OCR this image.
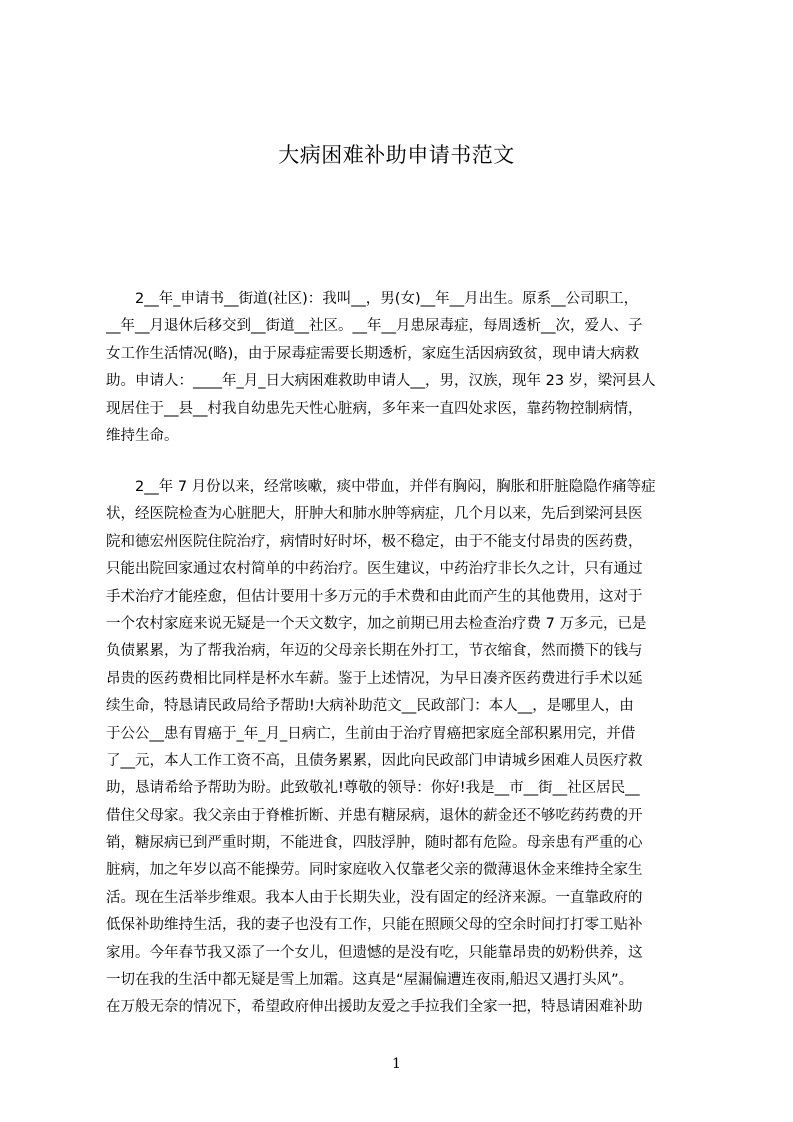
大病困难补助申请书范文
　　2__年_申请书__街道(社区)：我叫__，男(女)__年__月出生。原系__公司职工，
__年__月退休后移交到__街道__社区。__年__月患尿毒症，每周透析__次，爱人、子
女工作生活情况(略)，由于尿毒症需要长期透析，家庭生活因病致贫，现申请大病救
助。申请人：____年_月_日大病困难救助申请人__，男，汉族，现年 23 岁，梁河县人
现居住于__县__村我自幼患先天性心脏病，多年来一直四处求医，靠药物控制病情，
维持生命。
　　2__年 7 月份以来，经常咳嗽，痰中带血，并伴有胸闷，胸胀和肝脏隐隐作痛等症
状，经医院检查为心脏肥大，肝肿大和肺水肿等病症，几个月以来，先后到梁河县医
院和德宏州医院住院治疗，病情时好时坏，极不稳定，由于不能支付昂贵的医药费，
只能出院回家通过农村简单的中药治疗。医生建议，中药治疗非长久之计，只有通过
手术治疗才能痊愈，但估计要用十多万元的手术费和由此而产生的其他费用，这对于
一个农村家庭来说无疑是一个天文数字，加之前期已用去检查治疗费 7 万多元，已是
负债累累，为了帮我治病，年迈的父母亲长期在外打工，节衣缩食，然而攒下的钱与
昂贵的医药费相比同样是杯水车薪。鉴于上述情况，为早日凑齐医药费进行手术以延
续生命，特恳请民政局给予帮助!大病补助范文__民政部门：本人__，是哪里人，由
于公公__患有胃癌于_年_月_日病亡，生前由于治疗胃癌把家庭全部积累用完，并借
了__元，本人工作工资不高，且债务累累，因此向民政部门申请城乡困难人员医疗救
助，恳请希给予帮助为盼。此致敬礼!尊敬的领导：你好!我是__市__街__社区居民__
借住父母家。我父亲由于脊椎折断、并患有糖尿病，退休的薪金还不够吃药药费的开
销，糖尿病已到严重时期，不能进食，四肢浮肿，随时都有危险。母亲患有严重的心
脏病，加之年岁以高不能操劳。同时家庭收入仅靠老父亲的微薄退休金来维持全家生
活。现在生活举步维艰。我本人由于长期失业，没有固定的经济来源。一直靠政府的
低保补助维持生活，我的妻子也没有工作，只能在照顾父母的空余时间打打零工贴补
家用。今年春节我又添了一个女儿，但遗憾的是没有吃，只能靠昂贵的奶粉供养，这
一切在我的生活中都无疑是雪上加霜。这真是“屋漏偏遭连夜雨,船迟又遇打头风”。
在万般无奈的情况下，希望政府伸出援助友爱之手拉我们全家一把，特恳请困难补助
1
